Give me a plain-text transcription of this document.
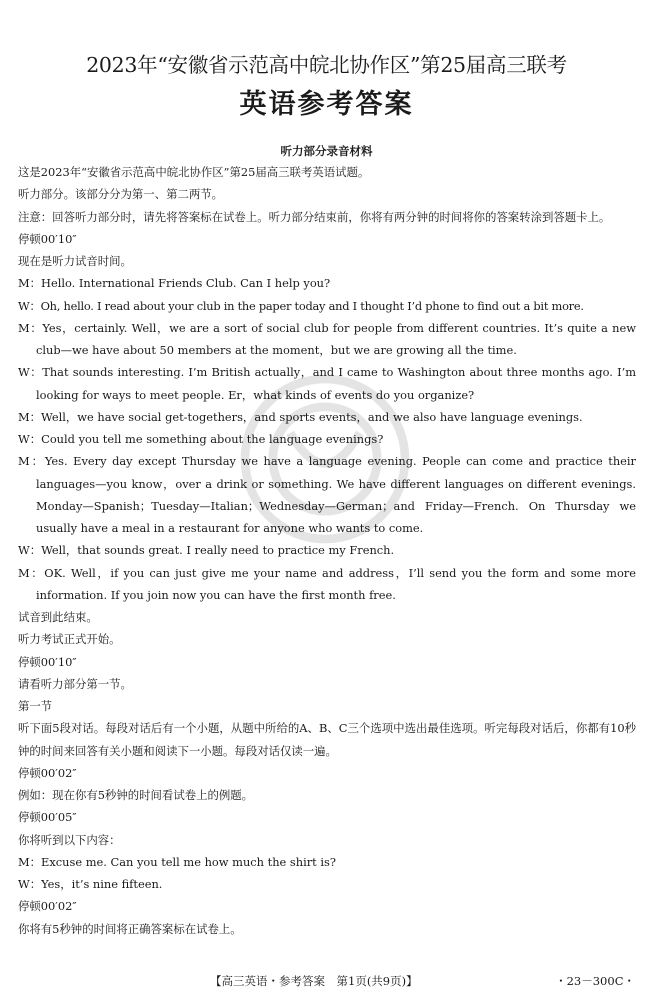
2023年“安徽省示范高中皖北协作区”第25届高三联考
英语参考答案
听力部分录音材料

这是2023年“安徽省示范高中皖北协作区”第25届高三联考英语试题。

听力部分。该部分分为第一、第二两节。

注意：回答听力部分时，请先将答案标在试卷上。听力部分结束前，你将有两分钟的时间将你的答案转涂到答题卡上。

停顿00′10″

现在是听力试音时间。

M：Hello. International Friends Club. Can I help you?

W：Oh, hello. I read about your club in the paper today and I thought I’d phone to find out a bit more.

M：Yes，certainly. Well，we are a sort of social club for people from different countries. It’s quite a new club—we have about 50 members at the moment，but we are growing all the time.

W：That sounds interesting. I’m British actually，and I came to Washington about three months ago. I’m looking for ways to meet people. Er，what kinds of events do you organize?

M：Well，we have social get-togethers，and sports events，and we also have language evenings.

W：Could you tell me something about the language evenings?

M：Yes. Every day except Thursday we have a language evening. People can come and practice their languages—you know，over a drink or something. We have different languages on different evenings. Monday—Spanish；Tuesday—Italian；Wednesday—German；and Friday—French. On Thursday we usually have a meal in a restaurant for anyone who wants to come.

W：Well，that sounds great. I really need to practice my French.

M：OK. Well，if you can just give me your name and address，I’ll send you the form and some more information. If you join now you can have the first month free.

试音到此结束。

听力考试正式开始。

停顿00′10″

请看听力部分第一节。

第一节

听下面5段对话。每段对话后有一个小题，从题中所给的A、B、C三个选项中选出最佳选项。听完每段对话后，你都有10秒钟的时间来回答有关小题和阅读下一小题。每段对话仅读一遍。

停顿00′02″

例如：现在你有5秒钟的时间看试卷上的例题。

停顿00′05″

你将听到以下内容：

M：Excuse me. Can you tell me how much the shirt is?

W：Yes，it’s nine fifteen.

停顿00′02″

你将有5秒钟的时间将正确答案标在试卷上。

【高三英语・参考答案　第1页(共9页)】	・23－300C・
